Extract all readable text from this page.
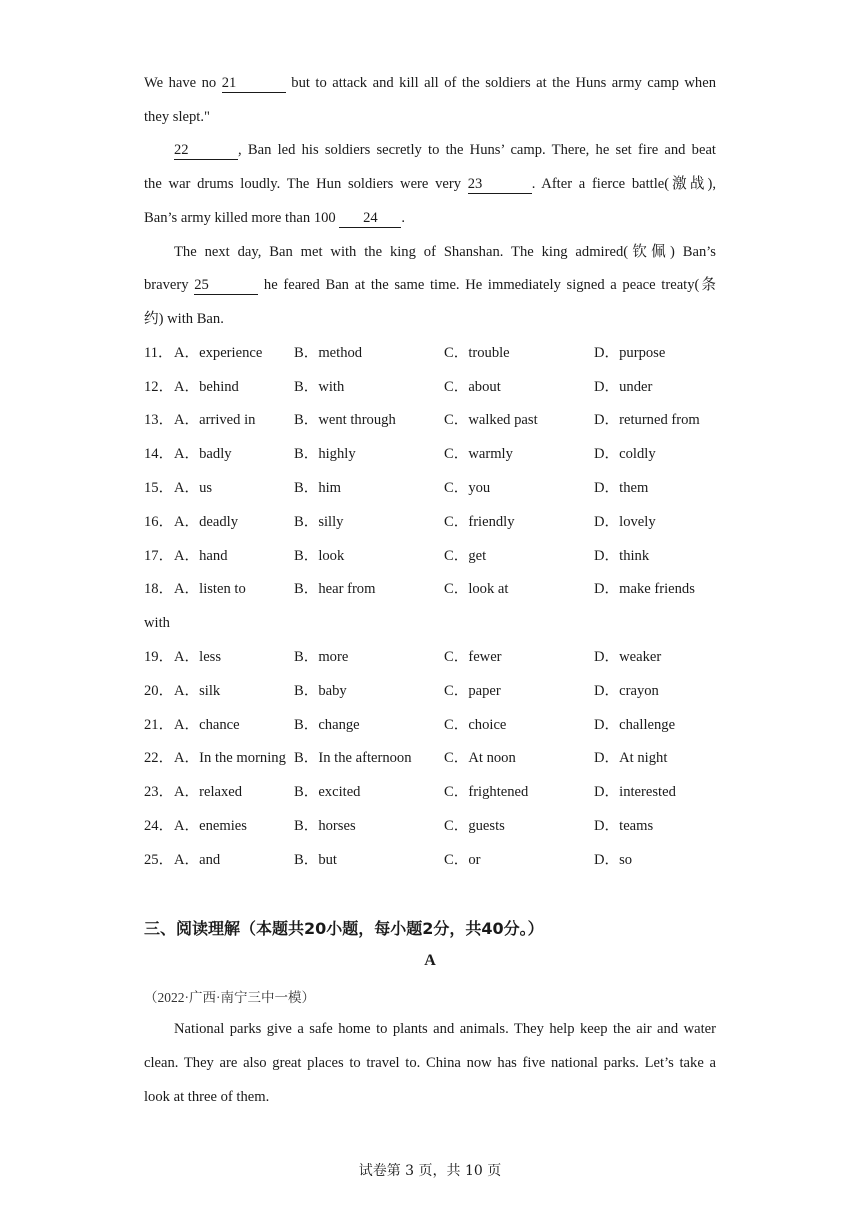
We have no 21	but to attack and kill all of the soldiers at the Huns army camp when
they slept."
22	, Ban led his soldiers secretly to the Huns’ camp. There, he set fire and beat
the war drums loudly. The Hun soldiers were very 23	. After a fierce battle(激战),
Ban’s army killed more than 100 24 .
The next day, Ban met with the king of Shanshan. The king admired(钦佩) Ban’s
bravery 25	he feared Ban at the same time. He immediately signed a peace treaty(条
约) with Ban.
11． A．experience B．method	C．trouble	D．purpose
12． A．behind	B．with	C．about	D．under
13． A．arrived in	B．went through	C．walked past	D．returned from
14． A．badly	B．highly	C．warmly	D．coldly
15． A．us	B．him	C．you	D．them
16． A．deadly	B．silly	C．friendly	D．lovely
17． A．hand	B．look	C．get	D．think
18． A．listen to	B．hear from	C．look at	D．make friends
with
19． A．less	B．more	C．fewer	D．weaker
20． A．silk	B．baby	C．paper	D．crayon
21． A．chance	B．change	C．choice	D．challenge
22． A．In the morning B．In the afternoon C．At noon	D．At night
23． A．relaxed	B．excited	C．frightened	D．interested
24． A．enemies	B．horses	C．guests	D．teams
25． A．and	B．but	C．or	D．so
三、阅读理解（本题共20小题，每小题2分，共40分。）
A
（2022·广西·南宁三中一模）
National parks give a safe home to plants and animals. They help keep the air and water
clean. They are also great places to travel to. China now has five national parks. Let’s take a
look at three of them.
试卷第 3 页，共 10 页
